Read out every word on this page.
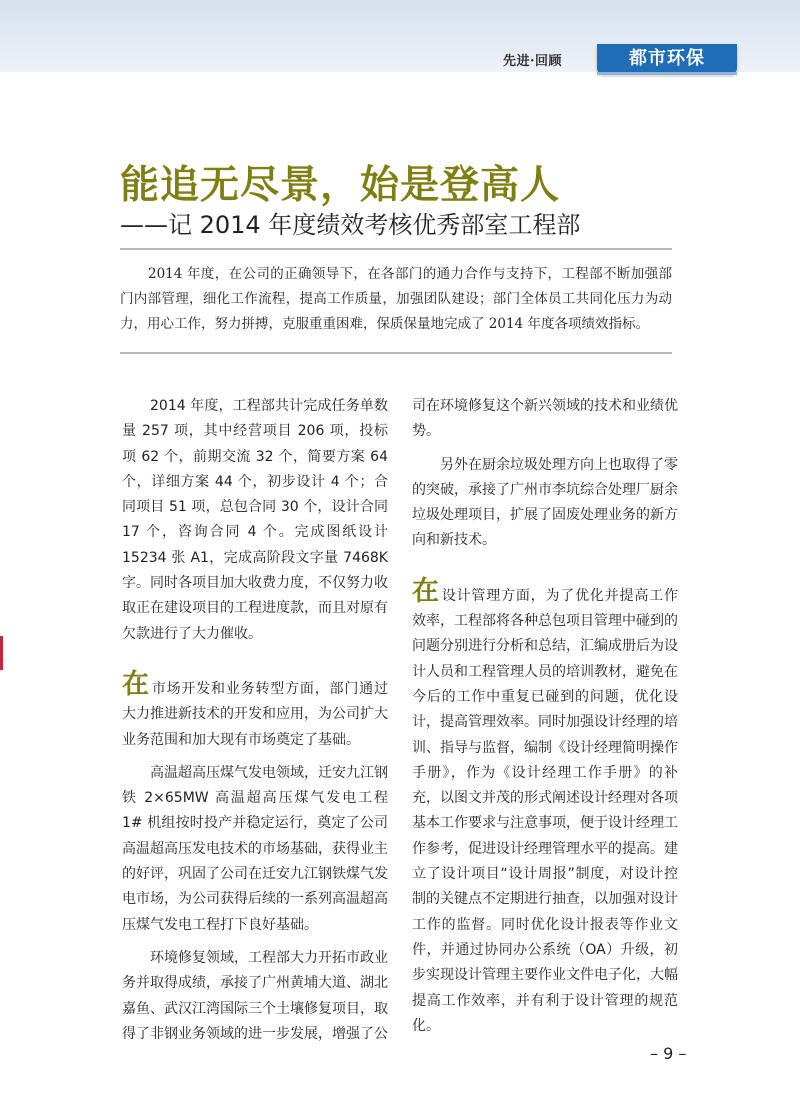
先进·回顾	都市环保
能追无尽景，始是登高人
——记 2014 年度绩效考核优秀部室工程部
2014 年度，在公司的正确领导下，在各部门的通力合作与支持下，工程部不断加强部门内部管理，细化工作流程，提高工作质量，加强团队建设；部门全体员工共同化压力为动力，用心工作，努力拼搏，克服重重困难，保质保量地完成了 2014 年度各项绩效指标。

2014 年度，工程部共计完成任务单数量 257 项，其中经营项目 206 项，投标项 62 个，前期交流 32 个，简要方案 64 个，详细方案 44 个，初步设计 4 个；合同项目 51 项，总包合同 30 个，设计合同 17 个，咨询合同 4 个。完成图纸设计 15234 张 A1，完成高阶段文字量 7468K 字。同时各项目加大收费力度，不仅努力收取正在建设项目的工程进度款，而且对原有欠款进行了大力催收。

在市场开发和业务转型方面，部门通过大力推进新技术的开发和应用，为公司扩大业务范围和加大现有市场奠定了基础。

高温超高压煤气发电领域，迁安九江钢铁 2×65MW 高温超高压煤气发电工程 1# 机组按时投产并稳定运行，奠定了公司高温超高压发电技术的市场基础，获得业主的好评，巩固了公司在迁安九江钢铁煤气发电市场，为公司获得后续的一系列高温超高压煤气发电工程打下良好基础。

环境修复领域，工程部大力开拓市政业务并取得成绩，承接了广州黄埔大道、湖北嘉鱼、武汉江湾国际三个土壤修复项目，取得了非钢业务领域的进一步发展，增强了公

司在环境修复这个新兴领域的技术和业绩优势。

另外在厨余垃圾处理方向上也取得了零的突破，承接了广州市李坑综合处理厂厨余垃圾处理项目，扩展了固废处理业务的新方向和新技术。

在设计管理方面，为了优化并提高工作效率，工程部将各种总包项目管理中碰到的问题分别进行分析和总结，汇编成册后为设计人员和工程管理人员的培训教材，避免在今后的工作中重复已碰到的问题，优化设计，提高管理效率。同时加强设计经理的培训、指导与监督，编制《设计经理简明操作手册》，作为《设计经理工作手册》的补充，以图文并茂的形式阐述设计经理对各项基本工作要求与注意事项，便于设计经理工作参考，促进设计经理管理水平的提高。建立了设计项目“设计周报”制度，对设计控制的关键点不定期进行抽查，以加强对设计工作的监督。同时优化设计报表等作业文件，并通过协同办公系统（OA）升级，初步实现设计管理主要作业文件电子化，大幅提高工作效率，并有利于设计管理的规范化。

– 9 –
